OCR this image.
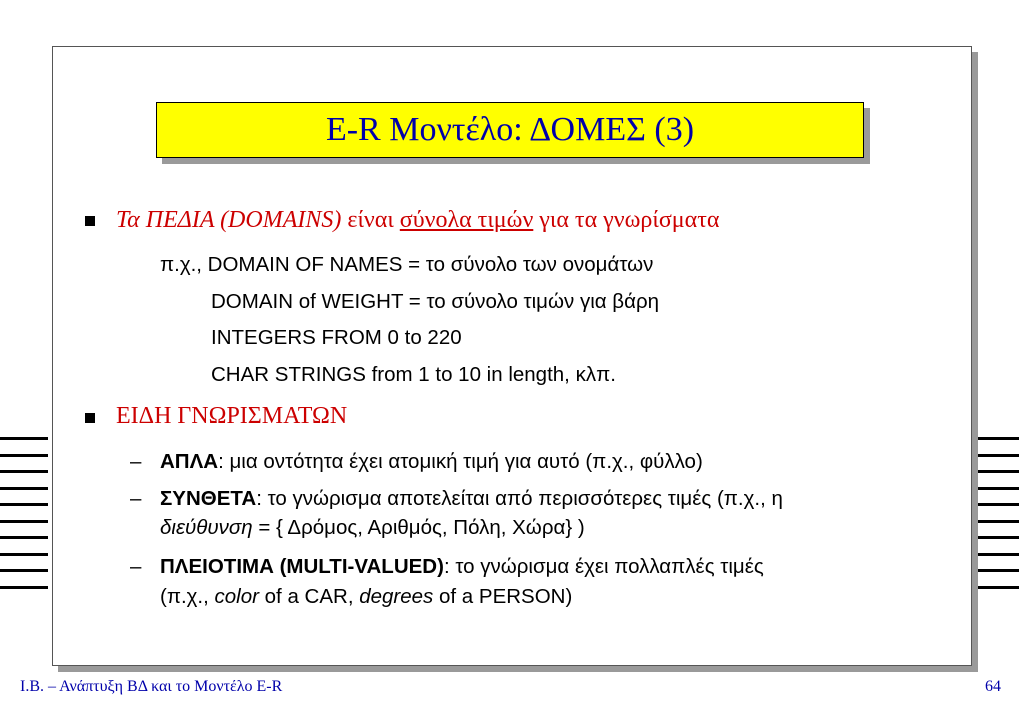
E-R Μοντέλο: ΔΟΜΕΣ (3)
Τα ΠΕΔΙΑ (DOMAINS) είναι σύνολα τιμών για τα γνωρίσματα
π.χ., DOMAIN OF NAMES = το σύνολο των ονομάτων
DOMAIN of WEIGHT = το σύνολο τιμών για βάρη
INTEGERS FROM 0 to 220
CHAR STRINGS from 1 to 10 in length, κλπ.
ΕΙΔΗ ΓΝΩΡΙΣΜΑΤΩΝ
– ΑΠΛΑ: μια οντότητα έχει ατομική τιμή για αυτό (π.χ., φύλλο)
– ΣΥΝΘΕΤΑ: το γνώρισμα αποτελείται από περισσότερες τιμές (π.χ., η
διεύθυνση = { Δρόμος, Αριθμός, Πόλη, Χώρα} )
– ΠΛΕΙΟΤΙΜΑ (MULTI-VALUED): το γνώρισμα έχει πολλαπλές τιμές
(π.χ., color of a CAR, degrees of a PERSON)
Ι.Β. – Ανάπτυξη ΒΔ και το Μοντέλο E-R	64
